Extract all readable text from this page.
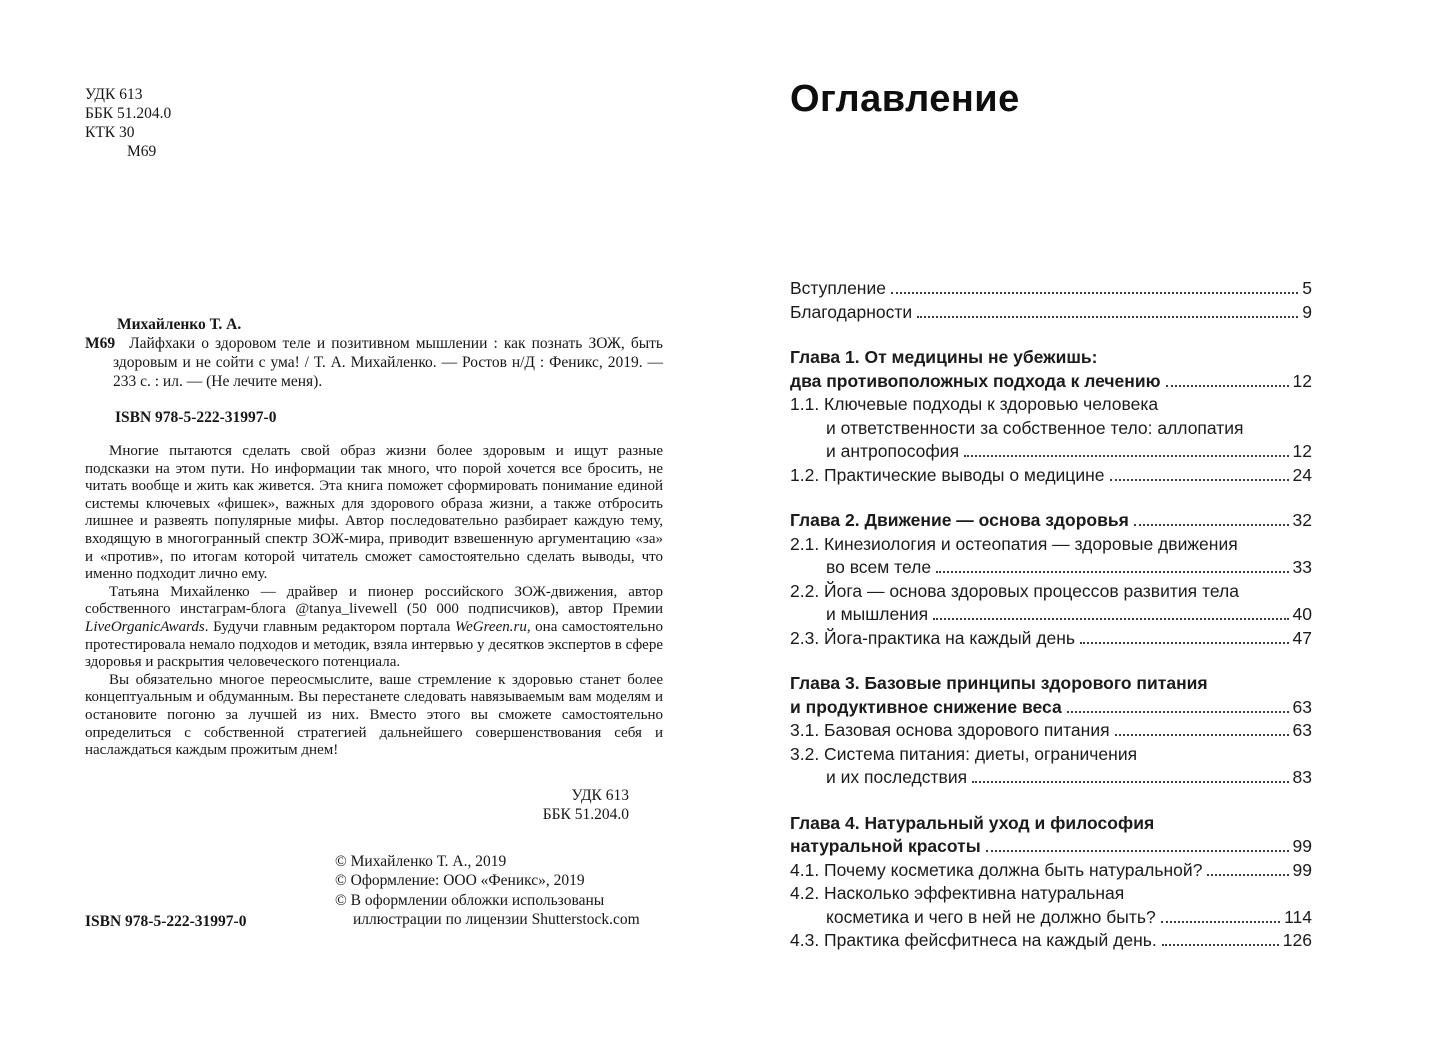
УДК 613
ББК 51.204.0
КТК 30
М69
Михайленко Т. А.

М69 Лайфхаки о здоровом теле и позитивном мышлении : как познать ЗОЖ, быть здоровым и не сойти с ума! / Т. А. Михайленко. — Ростов н/Д : Феникс, 2019. — 233 с. : ил. — (Не лечите меня).

ISBN 978-5-222-31997-0

Многие пытаются сделать свой образ жизни более здоровым и ищут разные подсказки на этом пути. Но информации так много, что порой хочется все бросить, не читать вообще и жить как живется. Эта книга поможет сформировать понимание единой системы ключевых «фишек», важных для здорового образа жизни, а также отбросить лишнее и развеять популярные мифы. Автор последовательно разбирает каждую тему, входящую в многогранный спектр ЗОЖ-мира, приводит взвешенную аргументацию «за» и «против», по итогам которой читатель сможет самостоятельно сделать выводы, что именно подходит лично ему.

Татьяна Михайленко — драйвер и пионер российского ЗОЖ-движения, автор собственного инстаграм-блога @tanya_livewell (50 000 подписчиков), автор Премии LiveOrganicAwards. Будучи главным редактором портала WeGreen.ru, она самостоятельно протестировала немало подходов и методик, взяла интервью у десятков экспертов в сфере здоровья и раскрытия человеческого потенциала.

Вы обязательно многое переосмыслите, ваше стремление к здоровью станет более концептуальным и обдуманным. Вы перестанете следовать навязываемым вам моделям и остановите погоню за лучшей из них. Вместо этого вы сможете самостоятельно определиться с собственной стратегией дальнейшего совершенствования себя и наслаждаться каждым прожитым днем!

УДК 613
ББК 51.204.0
© Михайленко Т. А., 2019
© Оформление: ООО «Феникс», 2019
© В оформлении обложки использованы
иллюстрации по лицензии Shutterstock.com
ISBN 978-5-222-31997-0
Оглавление
Вступление	5
Благодарности	9
Глава 1. От медицины не убежишь:
два противоположных подхода к лечению	12
1.1. Ключевые подходы к здоровью человека
и ответственности за собственное тело: аллопатия
и антропософия	12
1.2. Практические выводы о медицине	24
Глава 2. Движение — основа здоровья	32
2.1. Кинезиология и остеопатия — здоровые движения
во всем теле	33
2.2. Йога — основа здоровых процессов развития тела
и мышления	40
2.3. Йога-практика на каждый день	47
Глава 3. Базовые принципы здорового питания
и продуктивное снижение веса	63
3.1. Базовая основа здорового питания	63
3.2. Система питания: диеты, ограничения
и их последствия	83
Глава 4. Натуральный уход и философия
натуральной красоты	99
4.1. Почему косметика должна быть натуральной?	99
4.2. Насколько эффективна натуральная
косметика и чего в ней не должно быть?	114
4.3. Практика фейсфитнеса на каждый день.	126
